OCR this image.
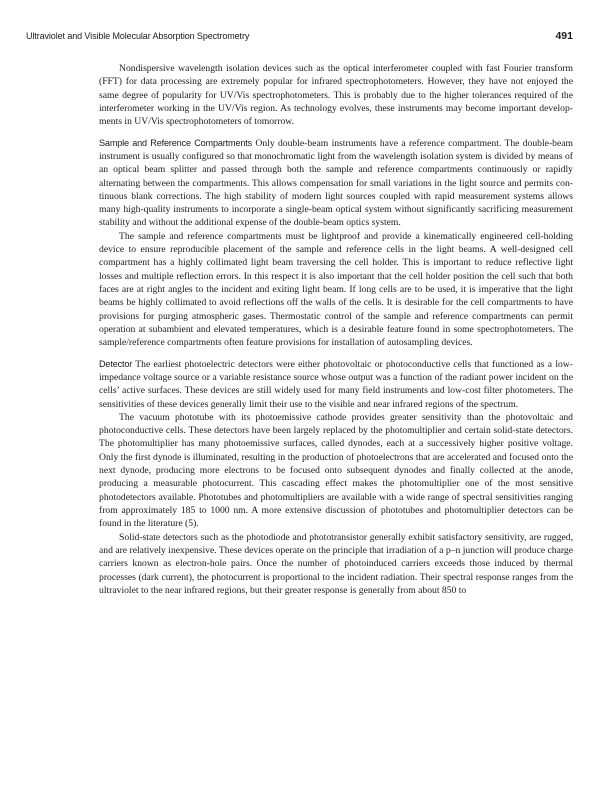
Ultraviolet and Visible Molecular Absorption Spectrometry	491

Nondispersive wavelength isolation devices such as the optical interferometer coupled with fast Fourier transform (FFT) for data processing are extremely popular for infrared spectrophotometers. However, they have not enjoyed the same degree of popularity for UV/Vis spectrophotometers. This is probably due to the higher tolerances required of the interferometer working in the UV/Vis region. As technology evolves, these instruments may become important developments in UV/Vis spectrophotometers of tomorrow.

Sample and Reference Compartments Only double-beam instruments have a reference compartment. The double-beam instrument is usually configured so that monochromatic light from the wavelength isolation system is divided by means of an optical beam splitter and passed through both the sample and reference compartments continuously or rapidly alternating between the compartments. This allows compensation for small variations in the light source and permits continuous blank corrections. The high stability of modern light sources coupled with rapid measurement systems allows many high-quality instruments to incorporate a single-beam optical system without significantly sacrificing measurement stability and without the additional expense of the double-beam optics system.

The sample and reference compartments must be lightproof and provide a kinematically engineered cell-holding device to ensure reproducible placement of the sample and reference cells in the light beams. A well-designed cell compartment has a highly collimated light beam traversing the cell holder. This is important to reduce reflective light losses and multiple reflection errors. In this respect it is also important that the cell holder position the cell such that both faces are at right angles to the incident and exiting light beam. If long cells are to be used, it is imperative that the light beams be highly collimated to avoid reflections off the walls of the cells. It is desirable for the cell compartments to have provisions for purging atmospheric gases. Thermostatic control of the sample and reference compartments can permit operation at subambient and elevated temperatures, which is a desirable feature found in some spectrophotometers. The sample/reference compartments often feature provisions for installation of autosampling devices.

Detector The earliest photoelectric detectors were either photovoltaic or photoconductive cells that functioned as a low-impedance voltage source or a variable resistance source whose output was a function of the radiant power incident on the cells’ active surfaces. These devices are still widely used for many field instruments and low-cost filter photometers. The sensitivities of these devices generally limit their use to the visible and near infrared regions of the spectrum.

The vacuum phototube with its photoemissive cathode provides greater sensitivity than the photovoltaic and photoconductive cells. These detectors have been largely replaced by the photomultiplier and certain solid-state detectors. The photomultiplier has many photoemissive surfaces, called dynodes, each at a successively higher positive voltage. Only the first dynode is illuminated, resulting in the production of photoelectrons that are accelerated and focused onto the next dynode, producing more electrons to be focused onto subsequent dynodes and finally collected at the anode, producing a measurable photocurrent. This cascading effect makes the photomultiplier one of the most sensitive photodetectors available. Phototubes and photomultipliers are available with a wide range of spectral sensitivities ranging from approximately 185 to 1000 nm. A more extensive discussion of phototubes and photomultiplier detectors can be found in the literature (5).

Solid-state detectors such as the photodiode and phototransistor generally exhibit satisfactory sensitivity, are rugged, and are relatively inexpensive. These devices operate on the principle that irradiation of a p–n junction will produce charge carriers known as electron-hole pairs. Once the number of photoinduced carriers exceeds those induced by thermal processes (dark current), the photocurrent is proportional to the incident radiation. Their spectral response ranges from the ultraviolet to the near infrared regions, but their greater response is generally from about 850 to
